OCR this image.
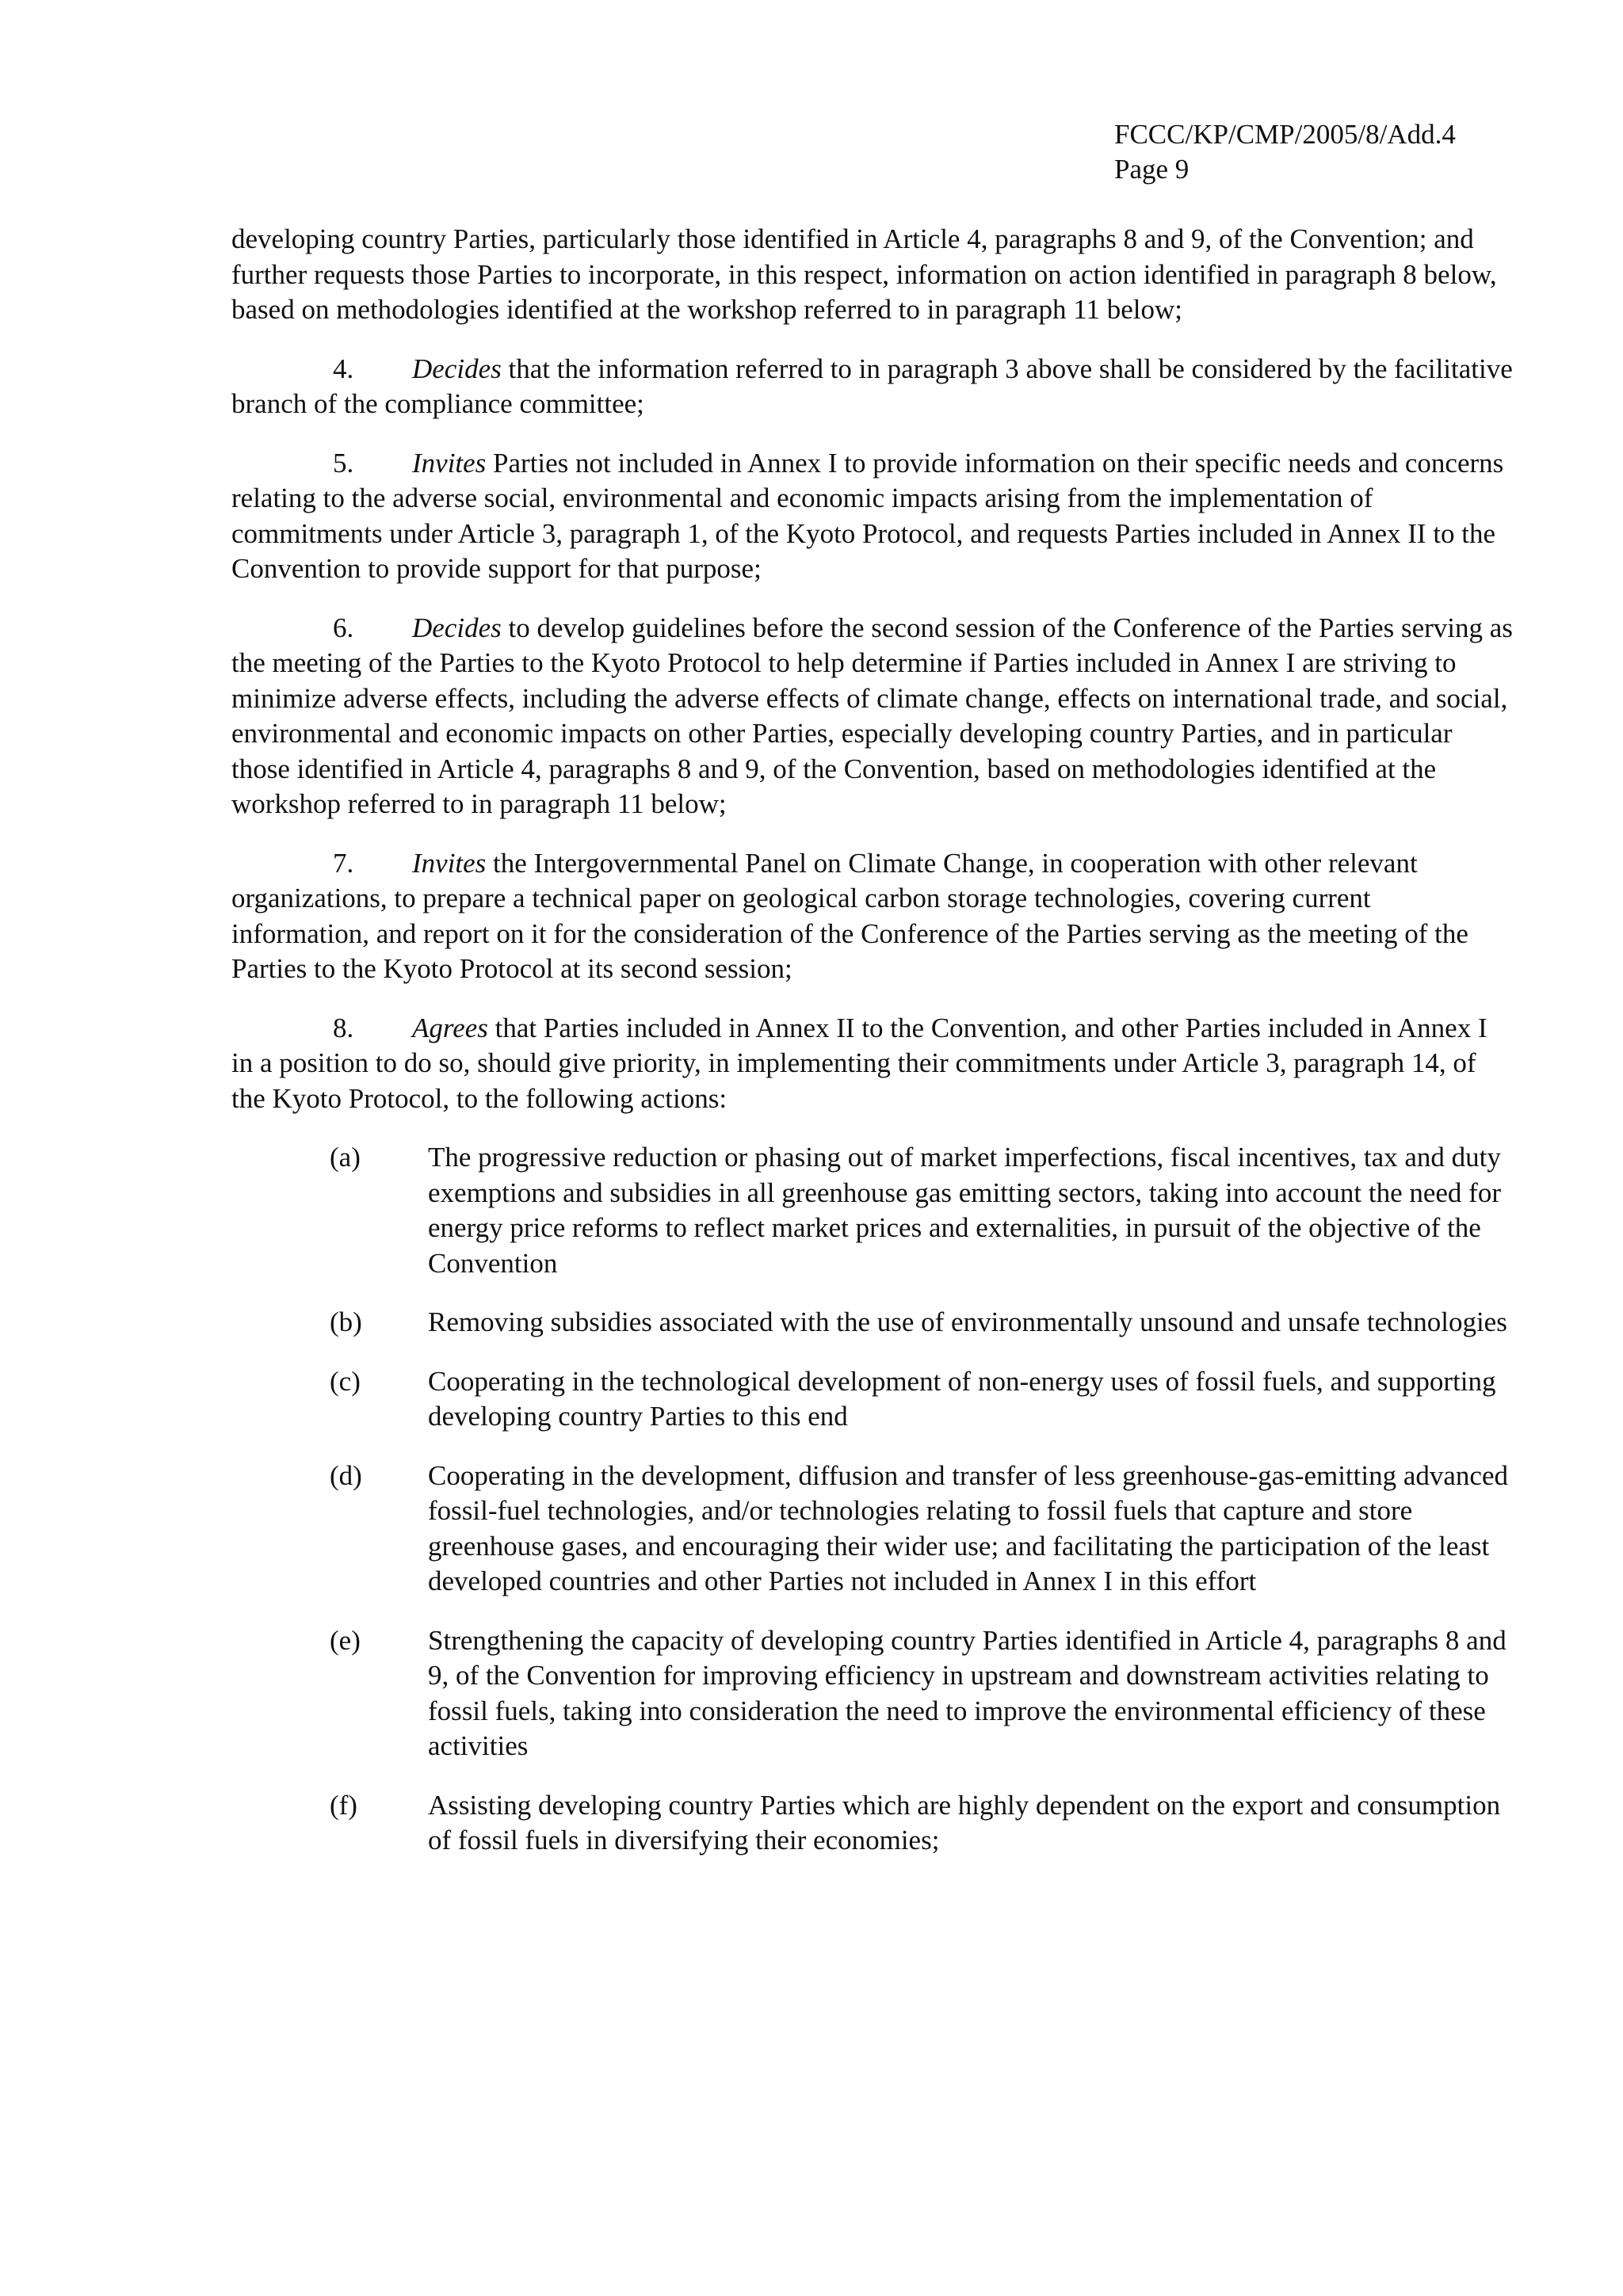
FCCC/KP/CMP/2005/8/Add.4
Page 9

developing country Parties, particularly those identified in Article 4, paragraphs 8 and 9, of the Convention; and further requests those Parties to incorporate, in this respect, information on action identified in paragraph 8 below, based on methodologies identified at the workshop referred to in paragraph 11 below;

4. Decides that the information referred to in paragraph 3 above shall be considered by the facilitative branch of the compliance committee;

5. Invites Parties not included in Annex I to provide information on their specific needs and concerns relating to the adverse social, environmental and economic impacts arising from the implementation of commitments under Article 3, paragraph 1, of the Kyoto Protocol, and requests Parties included in Annex II to the Convention to provide support for that purpose;

6. Decides to develop guidelines before the second session of the Conference of the Parties serving as the meeting of the Parties to the Kyoto Protocol to help determine if Parties included in Annex I are striving to minimize adverse effects, including the adverse effects of climate change, effects on international trade, and social, environmental and economic impacts on other Parties, especially developing country Parties, and in particular those identified in Article 4, paragraphs 8 and 9, of the Convention, based on methodologies identified at the workshop referred to in paragraph 11 below;

7. Invites the Intergovernmental Panel on Climate Change, in cooperation with other relevant organizations, to prepare a technical paper on geological carbon storage technologies, covering current information, and report on it for the consideration of the Conference of the Parties serving as the meeting of the Parties to the Kyoto Protocol at its second session;

8. Agrees that Parties included in Annex II to the Convention, and other Parties included in Annex I in a position to do so, should give priority, in implementing their commitments under Article 3, paragraph 14, of the Kyoto Protocol, to the following actions:

(a)	The progressive reduction or phasing out of market imperfections, fiscal incentives, tax and duty exemptions and subsidies in all greenhouse gas emitting sectors, taking into account the need for energy price reforms to reflect market prices and externalities, in pursuit of the objective of the Convention
(b)	Removing subsidies associated with the use of environmentally unsound and unsafe technologies
(c)	Cooperating in the technological development of non-energy uses of fossil fuels, and supporting developing country Parties to this end
(d)	Cooperating in the development, diffusion and transfer of less greenhouse-gas-emitting advanced fossil-fuel technologies, and/or technologies relating to fossil fuels that capture and store greenhouse gases, and encouraging their wider use; and facilitating the participation of the least developed countries and other Parties not included in Annex I in this effort
(e)	Strengthening the capacity of developing country Parties identified in Article 4, paragraphs 8 and 9, of the Convention for improving efficiency in upstream and downstream activities relating to fossil fuels, taking into consideration the need to improve the environmental efficiency of these activities
(f)	Assisting developing country Parties which are highly dependent on the export and consumption of fossil fuels in diversifying their economies;
